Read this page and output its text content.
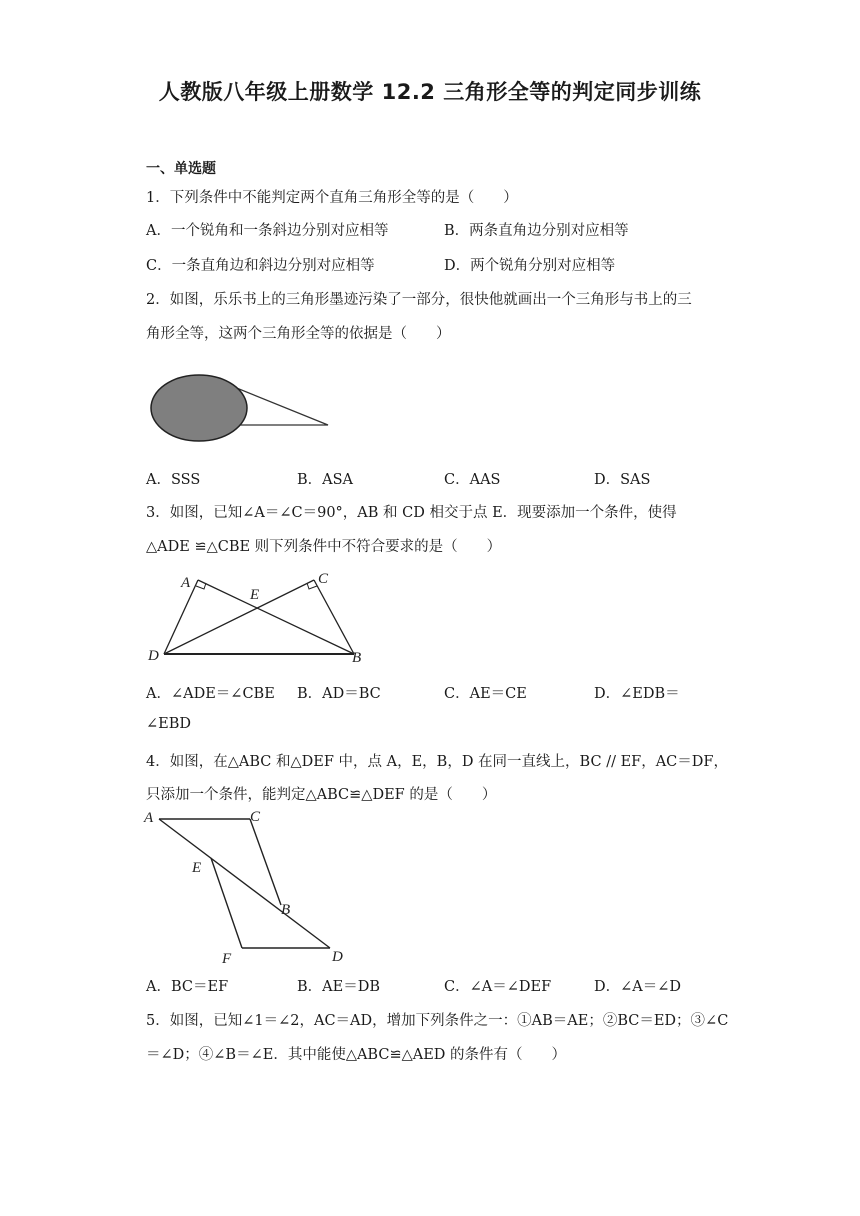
人教版八年级上册数学 12.2 三角形全等的判定同步训练
一、单选题
1．下列条件中不能判定两个直角三角形全等的是（　　）
A．一个锐角和一条斜边分别对应相等	B．两条直角边分别对应相等
C．一条直角边和斜边分别对应相等	D．两个锐角分别对应相等
2．如图，乐乐书上的三角形墨迹污染了一部分，很快他就画出一个三角形与书上的三
角形全等，这两个三角形全等的依据是（　　）
A．SSS	B．ASA	C．AAS	D．SAS
3．如图，已知∠A＝∠C＝90°，AB 和 CD 相交于点 E．现要添加一个条件，使得
△ADE ≌△CBE 则下列条件中不符合要求的是（　　）
A	C
E
D	B
A．∠ADE＝∠CBE B．AD＝BC	C．AE＝CE	D．∠EDB＝
∠EBD
4．如图，在△ABC 和△DEF 中，点 A，E，B，D 在同一直线上，BC // EF，AC＝DF，
只添加一个条件，能判定△ABC≌△DEF 的是（　　）
A	C
E
B
F	D
A．BC＝EF	B．AE＝DB	C．∠A＝∠DEF	D．∠A＝∠D
5．如图，已知∠1＝∠2，AC＝AD，增加下列条件之一：①AB＝AE；②BC＝ED；③∠C
＝∠D；④∠B＝∠E．其中能使△ABC≌△AED 的条件有（　　）
